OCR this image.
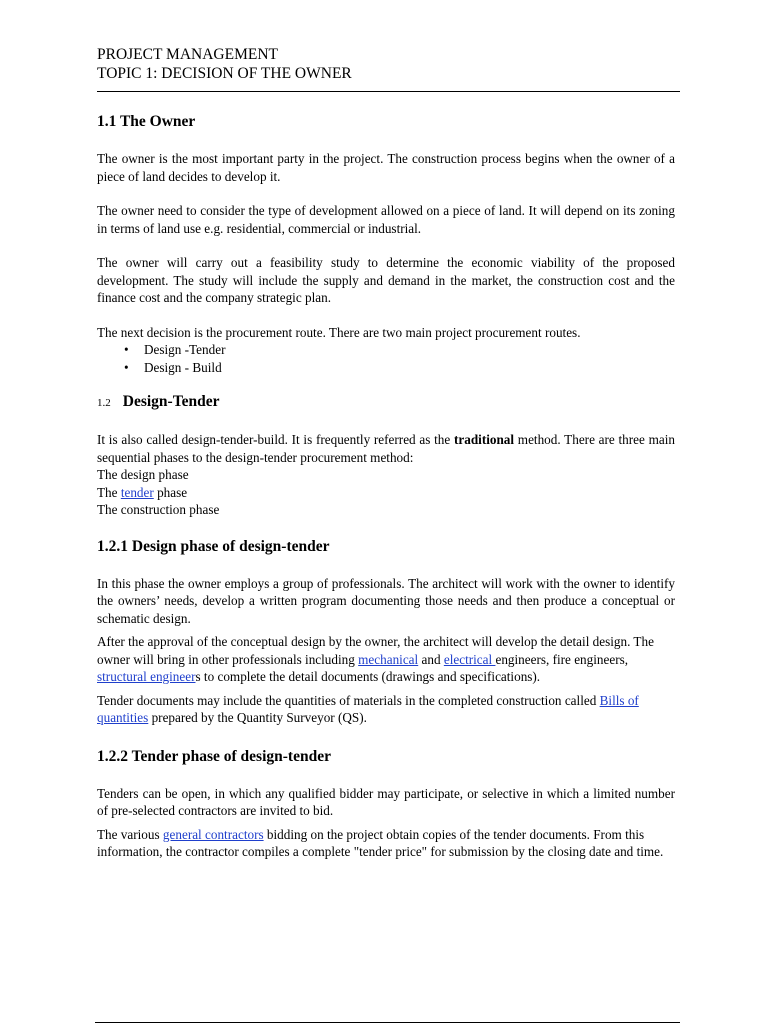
PROJECT MANAGEMENT
TOPIC 1: DECISION OF THE OWNER
1.1 The Owner

The owner is the most important party in the project. The construction process begins when the owner of a piece of land decides to develop it.

The owner need to consider the type of development allowed on a piece of land. It will depend on its zoning in terms of land use e.g. residential, commercial or industrial.

The owner will carry out a feasibility study to determine the economic viability of the proposed development. The study will include the supply and demand in the market, the construction cost and the finance cost and the company strategic plan.

The next decision is the procurement route. There are two main project procurement routes.

• Design -Tender
• Design - Build
1.2 Design-Tender

It is also called design-tender-build. It is frequently referred as the traditional method. There are three main sequential phases to the design-tender procurement method:

The design phase

The tender phase

The construction phase

1.2.1 Design phase of design-tender

In this phase the owner employs a group of professionals. The architect will work with the owner to identify the owners’ needs, develop a written program documenting those needs and then produce a conceptual or schematic design.

After the approval of the conceptual design by the owner, the architect will develop the detail design. The owner will bring in other professionals including mechanical and electrical engineers, fire engineers, structural engineers to complete the detail documents (drawings and specifications).

Tender documents may include the quantities of materials in the completed construction called Bills of quantities prepared by the Quantity Surveyor (QS).

1.2.2 Tender phase of design-tender

Tenders can be open, in which any qualified bidder may participate, or selective in which a limited number of pre-selected contractors are invited to bid.

The various general contractors bidding on the project obtain copies of the tender documents. From this information, the contractor compiles a complete "tender price" for submission by the closing date and time.
